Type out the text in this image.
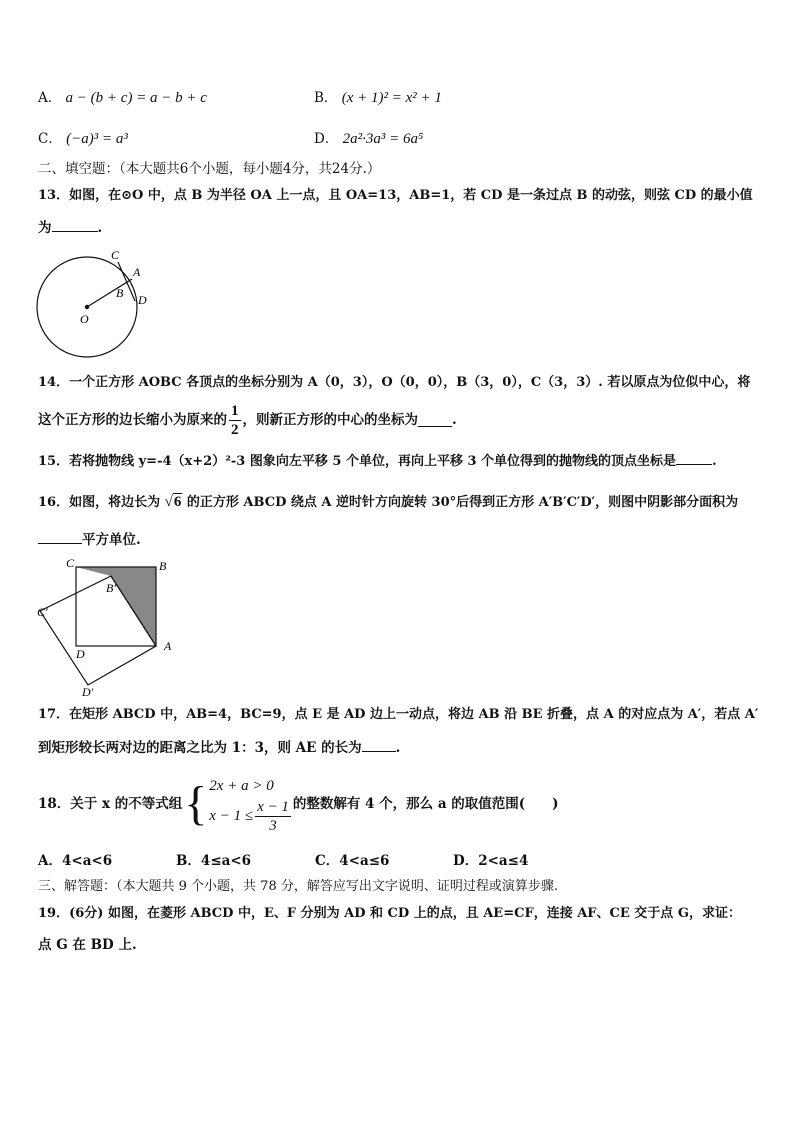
A． a − (b + c) = a − b + c	B． (x + 1)² = x² + 1
C． (−a)³ = a³	D． 2a²·3a³ = 6a⁵
二、填空题：（本大题共6个小题，每小题4分，共24分.）
13．如图，在⊙O 中，点 B 为半径 OA 上一点，且 OA=13，AB=1，若 CD 是一条过点 B 的动弦，则弦 CD 的最小值
为	.
C
A
B D
O
14．一个正方形 AOBC 各顶点的坐标分别为 A（0，3），O（0，0），B（3，0），C（3，3）. 若以原点为位似中心，将
这个正方形的边长缩小为原来的 $\frac{1}{2}$ ，则新正方形的中心的坐标为	.
15．若将抛物线 y=-4（x+2）²-3 图象向左平移 5 个单位，再向上平移 3 个单位得到的抛物线的顶点坐标是	.
16．如图，将边长为 √6 的正方形 ABCD 绕点 A 逆时针方向旋转 30°后得到正方形 A′B′C′D′，则图中阴影部分面积为
平方单位.
C	B
B′
C′
D
A
D′
17．在矩形 ABCD 中，AB=4，BC=9，点 E 是 AD 边上一动点，将边 AB 沿 BE 折叠，点 A 的对应点为 A′，若点 A′
到矩形较长两对边的距离之比为 1：3，则 AE 的长为	.
18．关于 x 的不等式组 { 2x + a > 0
$x - 1 \le \frac{x - 1}{3}$ 的整数解有 4 个，那么 a 的取值范围(　　)
A．4<a<6	B．4≤a<6	C．4<a≤6	D．2<a≤4
三、解答题：（本大题共 9 个小题，共 78 分，解答应写出文字说明、证明过程或演算步骤.
19．(6分) 如图，在菱形 ABCD 中，E、F 分别为 AD 和 CD 上的点，且 AE=CF，连接 AF、CE 交于点 G，求证：
点 G 在 BD 上.
